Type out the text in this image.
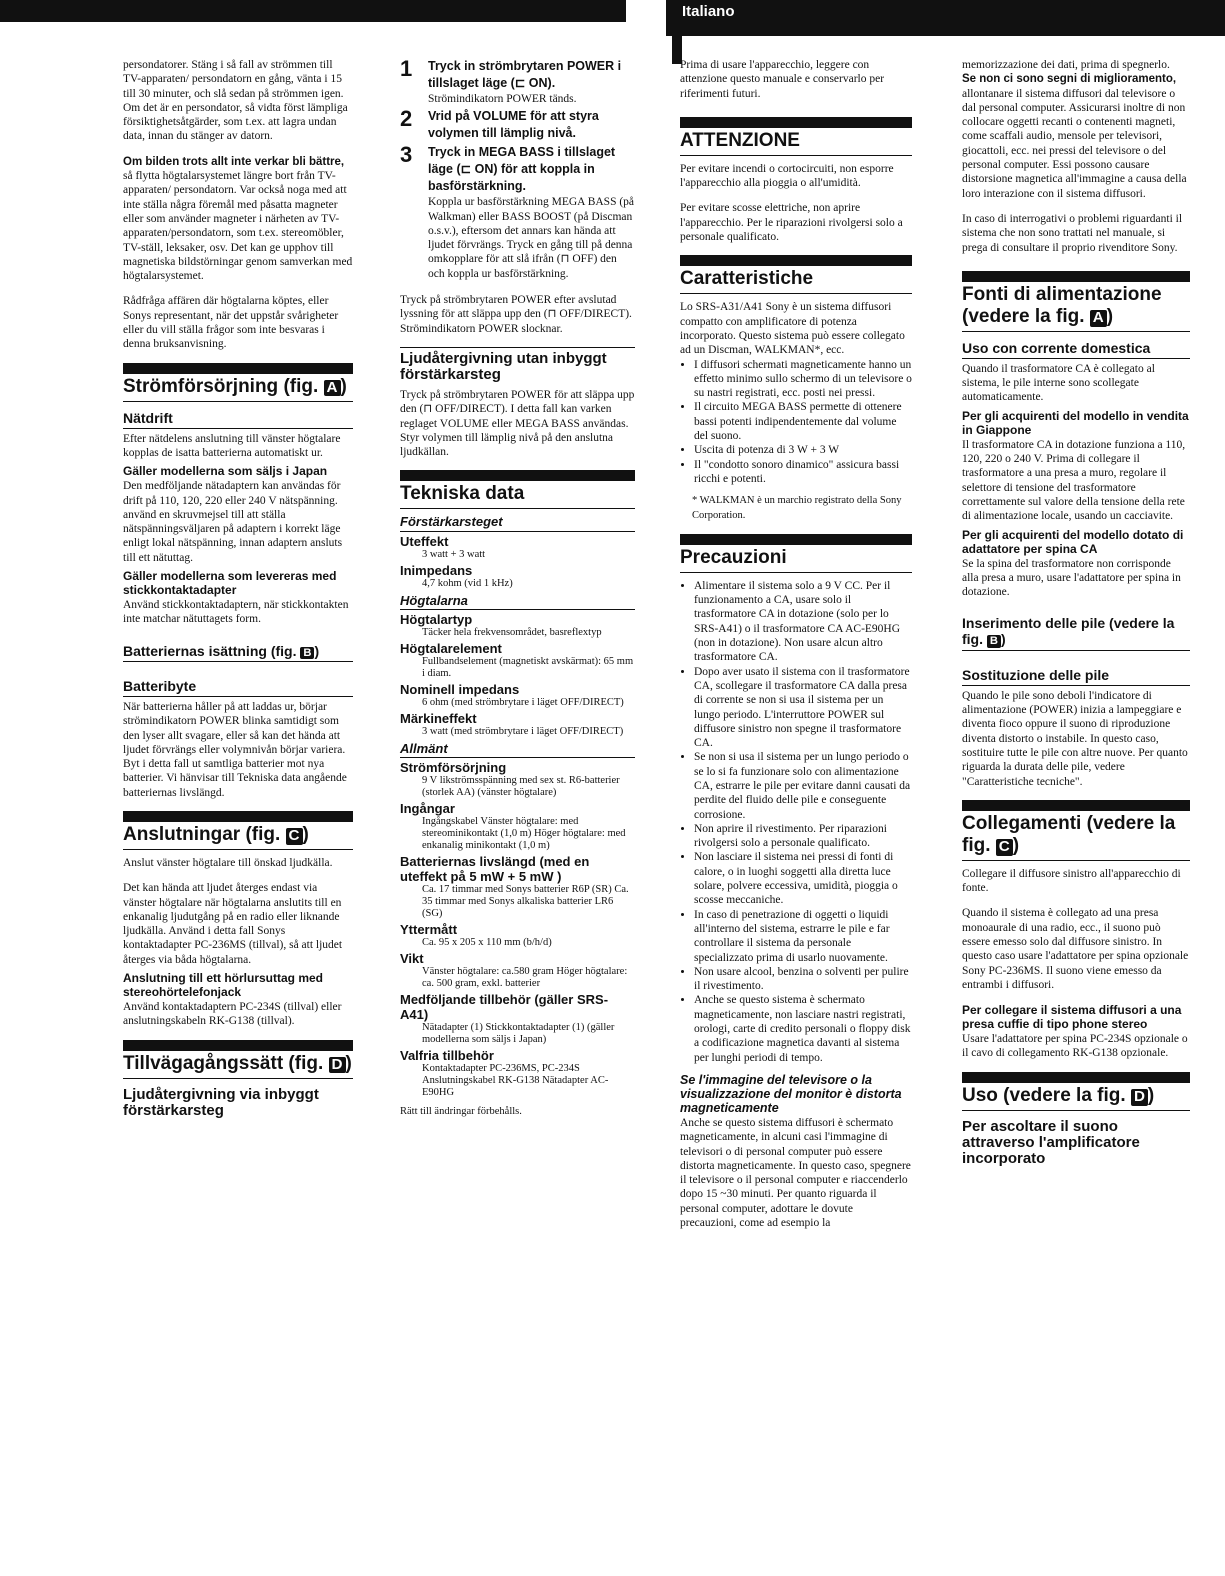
Italiano

persondatorer. Stäng i så fall av strömmen till TV-apparaten/ persondatorn en gång, vänta i 15 till 30 minuter, och slå sedan på strömmen igen. Om det är en persondator, så vidta först lämpliga försiktighetsåtgärder, som t.ex. att lagra undan data, innan du stänger av datorn.

Om bilden trots allt inte verkar bli bättre, så flytta högtalarsystemet längre bort från TV-apparaten/ persondatorn. Var också noga med att inte ställa några föremål med påsatta magneter eller som använder magneter i närheten av TV-apparaten/persondatorn, som t.ex. stereomöbler, TV-ställ, leksaker, osv. Det kan ge upphov till magnetiska bildstörningar genom samverkan med högtalarsystemet.

Rådfråga affären där högtalarna köptes, eller Sonys representant, när det uppstår svårigheter eller du vill ställa frågor som inte besvaras i denna bruksanvisning.

Strömförsörjning (fig. A )
Nätdrift

Efter nätdelens anslutning till vänster högtalare kopplas de isatta batterierna automatiskt ur.

Gäller modellerna som säljs i Japan

Den medföljande nätadaptern kan användas för drift på 110, 120, 220 eller 240 V nätspänning. använd en skruvmejsel till att ställa nätspänningsväljaren på adaptern i korrekt läge enligt lokal nätspänning, innan adaptern ansluts till ett nätuttag.

Gäller modellerna som levereras med stickkontaktadapter

Använd stickkontaktadaptern, när stickkontakten inte matchar nätuttagets form.

Batteriernas isättning (fig. B )
Batteribyte

När batterierna håller på att laddas ur, börjar strömindikatorn POWER blinka samtidigt som den lyser allt svagare, eller så kan det hända att ljudet förvrängs eller volymnivån börjar variera. Byt i detta fall ut samtliga batterier mot nya batterier. Vi hänvisar till Tekniska data angående batteriernas livslängd.

Anslutningar (fig. C )

Anslut vänster högtalare till önskad ljudkälla.

Det kan hända att ljudet återges endast via vänster högtalare när högtalarna anslutits till en enkanalig ljudutgång på en radio eller liknande ljudkälla. Använd i detta fall Sonys kontaktadapter PC-236MS (tillval), så att ljudet återges via båda högtalarna.

Anslutning till ett hörlursuttag med stereohörtelefonjack

Använd kontaktadaptern PC-234S (tillval) eller anslutningskabeln RK-G138 (tillval).

Tillvägagångssätt (fig. D )
Ljudåtergivning via inbyggt förstärkarsteg
1	Tryck in strömbrytaren POWER i tillslaget läge (⊏ ON).
Strömindikatorn POWER tänds.
2	Vrid på VOLUME för att styra volymen till lämplig nivå.
3	Tryck in MEGA BASS i tillslaget läge (⊏ ON) för att koppla in basförstärkning.
Koppla ur basförstärkning MEGA BASS (på Walkman) eller BASS BOOST (på Discman o.s.v.), eftersom det annars kan hända att ljudet förvrängs. Tryck en gång till på denna omkopplare för att slå ifrån (⊓ OFF) den och koppla ur basförstärkning.

Tryck på strömbrytaren POWER efter avslutad lyssning för att släppa upp den (⊓ OFF/DIRECT). Strömindikatorn POWER slocknar.

Ljudåtergivning utan inbyggt förstärkarsteg

Tryck på strömbrytaren POWER för att släppa upp den (⊓ OFF/DIRECT). I detta fall kan varken reglaget VOLUME eller MEGA BASS användas. Styr volymen till lämplig nivå på den anslutna ljudkällan.

Tekniska data
Förstärkarsteget
Uteffekt
3 watt + 3 watt
Inimpedans
4,7 kohm (vid 1 kHz)
Högtalarna
Högtalartyp
Täcker hela frekvensområdet, basreflextyp
Högtalarelement
Fullbandselement (magnetiskt avskärmat): 65 mm i diam.
Nominell impedans
6 ohm (med strömbrytare i läget OFF/DIRECT)
Märkineffekt
3 watt (med strömbrytare i läget OFF/DIRECT)
Allmänt
Strömförsörjning
9 V likströmsspänning med sex st. R6-batterier (storlek AA) (vänster högtalare)
Ingångar
Ingångskabel Vänster högtalare: med stereominikontakt (1,0 m) Höger högtalare: med enkanalig minikontakt (1,0 m)
Batteriernas livslängd (med en uteffekt på 5 mW + 5 mW )
Ca. 17 timmar med Sonys batterier R6P (SR) Ca. 35 timmar med Sonys alkaliska batterier LR6 (SG)
Yttermått
Ca. 95 x 205 x 110 mm (b/h/d)
Vikt
Vänster högtalare: ca.580 gram Höger högtalare: ca. 500 gram, exkl. batterier
Medföljande tillbehör (gäller SRS-A41)
Nätadapter (1) Stickkontaktadapter (1) (gäller modellerna som säljs i Japan)
Valfria tillbehör
Kontaktadapter PC-236MS, PC-234S Anslutningskabel RK-G138 Nätadapter AC-E90HG

Rätt till ändringar förbehålls.

Prima di usare l'apparecchio, leggere con attenzione questo manuale e conservarlo per riferimenti futuri.

ATTENZIONE

Per evitare incendi o cortocircuiti, non esporre l'apparecchio alla pioggia o all'umidità.

Per evitare scosse elettriche, non aprire l'apparecchio. Per le riparazioni rivolgersi solo a personale qualificato.

Caratteristiche

Lo SRS-A31/A41 Sony è un sistema diffusori compatto con amplificatore di potenza incorporato. Questo sistema può essere collegato ad un Discman, WALKMAN*, ecc.

• I diffusori schermati magneticamente hanno un effetto minimo sullo schermo di un televisore o su nastri registrati, ecc. posti nei pressi.
• Il circuito MEGA BASS permette di ottenere bassi potenti indipendentemente dal volume del suono.
• Uscita di potenza di 3 W + 3 W
• Il "condotto sonoro dinamico" assicura bassi ricchi e potenti.

* WALKMAN è un marchio registrato della Sony Corporation.

Precauzioni
• Alimentare il sistema solo a 9 V CC. Per il funzionamento a CA, usare solo il trasformatore CA in dotazione (solo per lo SRS-A41) o il trasformatore CA AC-E90HG (non in dotazione). Non usare alcun altro trasformatore CA.
• Dopo aver usato il sistema con il trasformatore CA, scollegare il trasformatore CA dalla presa di corrente se non si usa il sistema per un lungo periodo. L'interruttore POWER sul diffusore sinistro non spegne il trasformatore CA.
• Se non si usa il sistema per un lungo periodo o se lo si fa funzionare solo con alimentazione CA, estrarre le pile per evitare danni causati da perdite del fluido delle pile e conseguente corrosione.
• Non aprire il rivestimento. Per riparazioni rivolgersi solo a personale qualificato.
• Non lasciare il sistema nei pressi di fonti di calore, o in luoghi soggetti alla diretta luce solare, polvere eccessiva, umidità, pioggia o scosse meccaniche.
• In caso di penetrazione di oggetti o liquidi all'interno del sistema, estrarre le pile e far controllare il sistema da personale specializzato prima di usarlo nuovamente.
• Non usare alcool, benzina o solventi per pulire il rivestimento.
• Anche se questo sistema è schermato magneticamente, non lasciare nastri registrati, orologi, carte di credito personali o floppy disk a codificazione magnetica davanti al sistema per lunghi periodi di tempo.
Se l'immagine del televisore o la visualizzazione del monitor è distorta magneticamente

Anche se questo sistema diffusori è schermato magneticamente, in alcuni casi l'immagine di televisori o di personal computer può essere distorta magneticamente. In questo caso, spegnere il televisore o il personal computer e riaccenderlo dopo 15 ~30 minuti. Per quanto riguarda il personal computer, adottare le dovute precauzioni, come ad esempio la

memorizzazione dei dati, prima di spegnerlo.

Se non ci sono segni di miglioramento, allontanare il sistema diffusori dal televisore o dal personal computer. Assicurarsi inoltre di non collocare oggetti recanti o contenenti magneti, come scaffali audio, mensole per televisori, giocattoli, ecc. nei pressi del televisore o del personal computer. Essi possono causare distorsione magnetica all'immagine a causa della loro interazione con il sistema diffusori.

In caso di interrogativi o problemi riguardanti il sistema che non sono trattati nel manuale, si prega di consultare il proprio rivenditore Sony.

Fonti di alimentazione (vedere la fig. A )
Uso con corrente domestica

Quando il trasformatore CA è collegato al sistema, le pile interne sono scollegate automaticamente.

Per gli acquirenti del modello in vendita in Giappone

Il trasformatore CA in dotazione funziona a 110, 120, 220 o 240 V. Prima di collegare il trasformatore a una presa a muro, regolare il selettore di tensione del trasformatore correttamente sul valore della tensione della rete di alimentazione locale, usando un cacciavite.

Per gli acquirenti del modello dotato di adattatore per spina CA

Se la spina del trasformatore non corrisponde alla presa a muro, usare l'adattatore per spina in dotazione.

Inserimento delle pile (vedere la fig. B )
Sostituzione delle pile

Quando le pile sono deboli l'indicatore di alimentazione (POWER) inizia a lampeggiare e diventa fioco oppure il suono di riproduzione diventa distorto o instabile. In questo caso, sostituire tutte le pile con altre nuove. Per quanto riguarda la durata delle pile, vedere "Caratteristiche tecniche".

Collegamenti (vedere la fig. C )

Collegare il diffusore sinistro all'apparecchio di fonte.

Quando il sistema è collegato ad una presa monoaurale di una radio, ecc., il suono può essere emesso solo dal diffusore sinistro. In questo caso usare l'adattatore per spina opzionale Sony PC-236MS. Il suono viene emesso da entrambi i diffusori.

Per collegare il sistema diffusori a una presa cuffie di tipo phone stereo

Usare l'adattatore per spina PC-234S opzionale o il cavo di collegamento RK-G138 opzionale.

Uso (vedere la fig. D )
Per ascoltare il suono attraverso l'amplificatore incorporato
